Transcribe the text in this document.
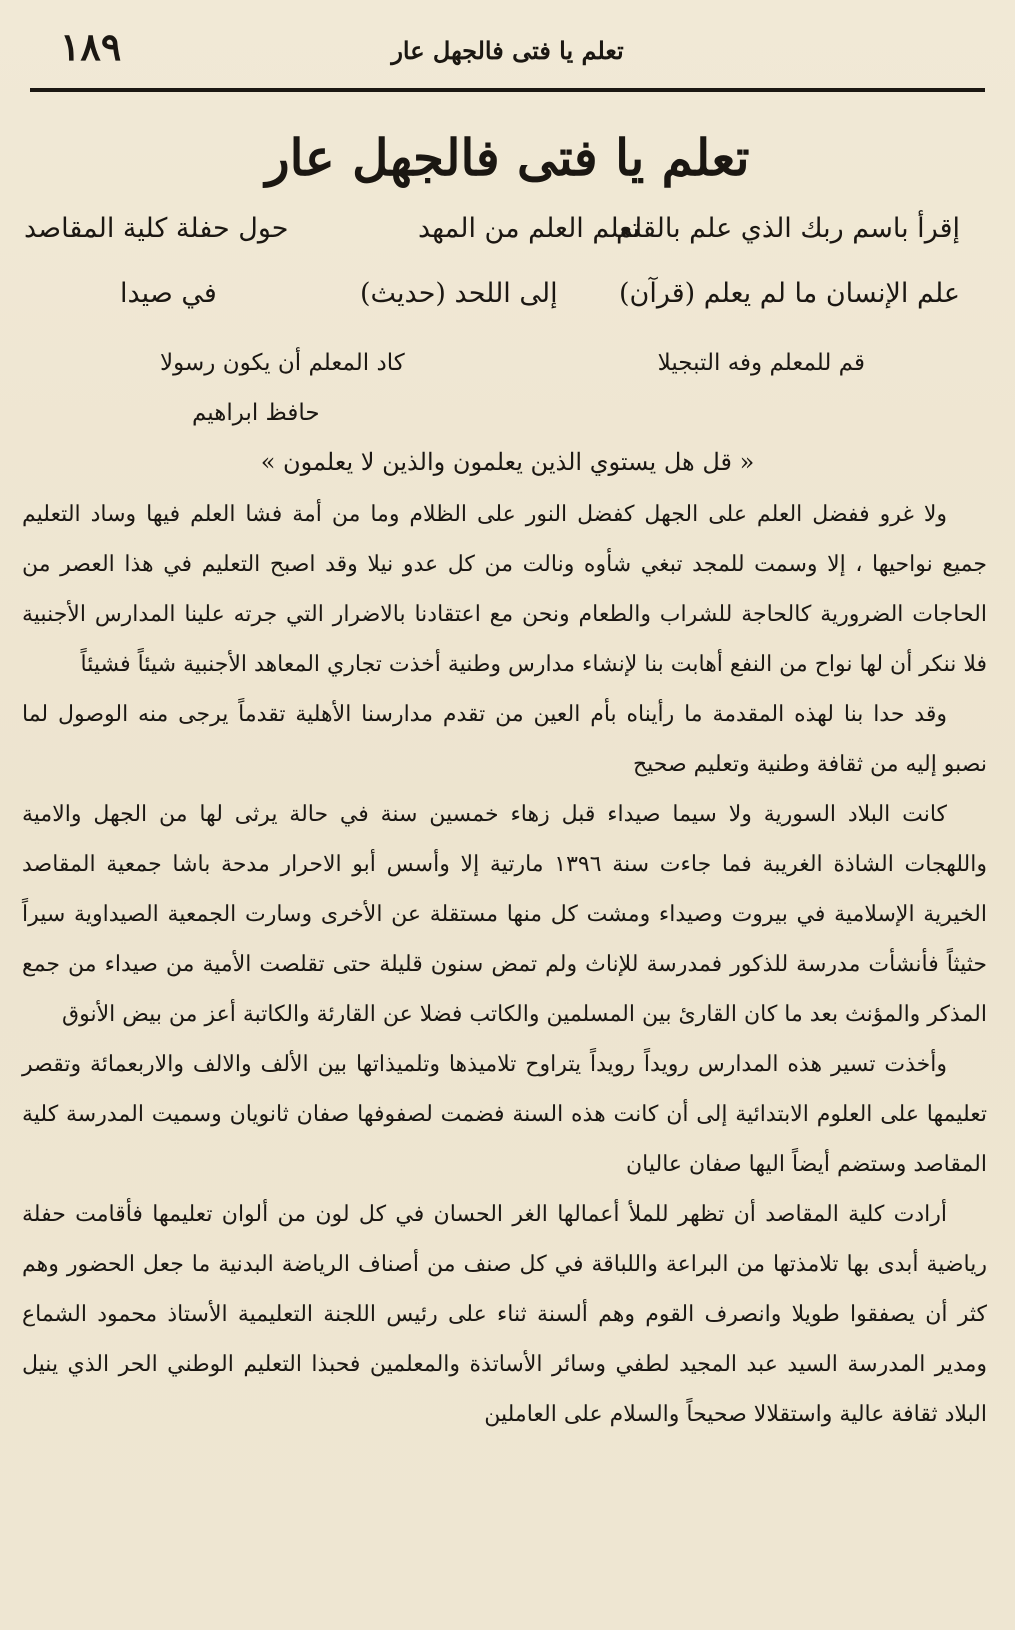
١٨٩	تعلم يا فتى فالجهل عار
تعلم يا فتى فالجهل عار
إقرأ باسم ربك الذي علم بالقلم
علم الإنسان ما لم يعلم (قرآن)
تعلم العلم من المهد
إلى اللحد (حديث)
حول حفلة كلية المقاصد
في صيدا
قم للمعلم وفه التبجيلا
كاد المعلم أن يكون رسولا
حافظ ابراهيم
« قل هل يستوي الذين يعلمون والذين لا يعلمون »

ولا غرو ففضل العلم على الجهل كفضل النور على الظلام وما من أمة فشا العلم فيها وساد التعليم جميع نواحيها ، إلا وسمت للمجد تبغي شأوه ونالت من كل عدو نيلا وقد اصبح التعليم في هذا العصر من الحاجات الضرورية كالحاجة للشراب والطعام ونحن مع اعتقادنا بالاضرار التي جرته علينا المدارس الأجنبية فلا ننكر أن لها نواح من النفع أهابت بنا لإنشاء مدارس وطنية أخذت تجاري المعاهد الأجنبية شيئاً فشيئاً

وقد حدا بنا لهذه المقدمة ما رأيناه بأم العين من تقدم مدارسنا الأهلية تقدماً يرجى منه الوصول لما نصبو إليه من ثقافة وطنية وتعليم صحيح

كانت البلاد السورية ولا سيما صيداء قبل زهاء خمسين سنة في حالة يرثى لها من الجهل والامية واللهجات الشاذة الغريبة فما جاءت سنة ١٣٩٦ مارتية إلا وأسس أبو الاحرار مدحة باشا جمعية المقاصد الخيرية الإسلامية في بيروت وصيداء ومشت كل منها مستقلة عن الأخرى وسارت الجمعية الصيداوية سيراً حثيثاً فأنشأت مدرسة للذكور فمدرسة للإناث ولم تمض سنون قليلة حتى تقلصت الأمية من صيداء من جمع المذكر والمؤنث بعد ما كان القارئ بين المسلمين والكاتب فضلا عن القارئة والكاتبة أعز من بيض الأنوق

وأخذت تسير هذه المدارس رويداً رويداً يتراوح تلاميذها وتلميذاتها بين الألف والالف والاربعمائة وتقصر تعليمها على العلوم الابتدائية إلى أن كانت هذه السنة فضمت لصفوفها صفان ثانويان وسميت المدرسة كلية المقاصد وستضم أيضاً اليها صفان عاليان

أرادت كلية المقاصد أن تظهر للملأ أعمالها الغر الحسان في كل لون من ألوان تعليمها فأقامت حفلة رياضية أبدى بها تلامذتها من البراعة واللباقة في كل صنف من أصناف الرياضة البدنية ما جعل الحضور وهم كثر أن يصفقوا طويلا وانصرف القوم وهم ألسنة ثناء على رئيس اللجنة التعليمية الأستاذ محمود الشماع ومدير المدرسة السيد عبد المجيد لطفي وسائر الأساتذة والمعلمين فحبذا التعليم الوطني الحر الذي ينيل البلاد ثقافة عالية واستقلالا صحيحاً والسلام على العاملين
